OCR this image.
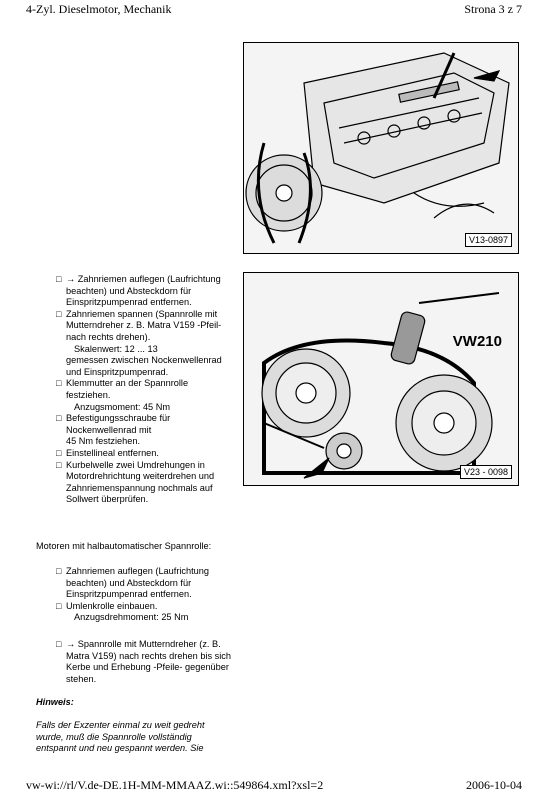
4-Zyl. Dieselmotor, Mechanik	Strona 3 z 7
V13-0897
VW210
V23 - 0098
□ → Zahnriemen auflegen (Laufrichtung beachten) und Absteckdorn für Einspritzpumpenrad entfernen.
□ Zahnriemen spannen (Spannrolle mit Mutterndreher z. B. Matra V159 -Pfeil- nach rechts drehen).
Skalenwert: 12 ... 13
gemessen zwischen Nockenwellenrad und Einspritzpumpenrad.
□ Klemmutter an der Spannrolle festziehen.
Anzugsmoment: 45 Nm
□ Befestigungsschraube für Nockenwellenrad mit
45 Nm festziehen.
□ Einstellineal entfernen.
□ Kurbelwelle zwei Umdrehungen in Motordrehrichtung weiterdrehen und Zahnriemenspannung nochmals auf Sollwert überprüfen.
Motoren mit halbautomatischer Spannrolle:
□ Zahnriemen auflegen (Laufrichtung beachten) und Absteckdorn für Einspritzpumpenrad entfernen.
□ Umlenkrolle einbauen.
Anzugsdrehmoment: 25 Nm
□ → Spannrolle mit Mutterndreher (z. B. Matra V159) nach rechts drehen bis sich Kerbe und Erhebung -Pfeile- gegenüber stehen.
Hinweis:
Falls der Exzenter einmal zu weit gedreht wurde, muß die Spannrolle vollständig entspannt und neu gespannt werden. Sie
vw-wi://rl/V.de-DE.1H-MM-MMAAZ.wi::549864.xml?xsl=2	2006-10-04
